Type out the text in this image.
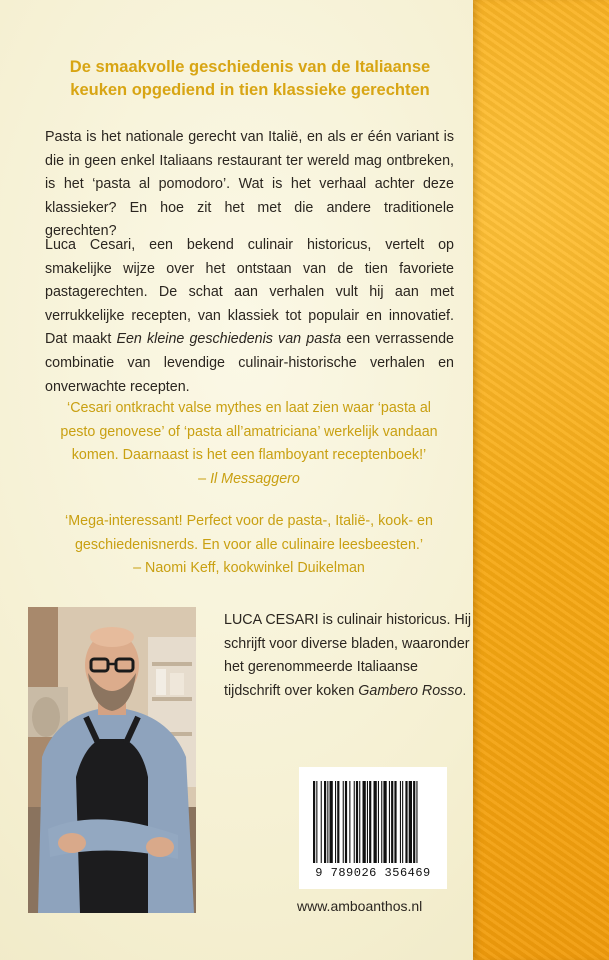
De smaakvolle geschiedenis van de Italiaanse
keuken opgediend in tien klassieke gerechten

Pasta is het nationale gerecht van Italië, en als er één variant is die in geen enkel Italiaans restaurant ter wereld mag ontbreken, is het ‘pasta al pomodoro’. Wat is het verhaal achter deze klassieker? En hoe zit het met die andere traditionele gerechten?

Luca Cesari, een bekend culinair historicus, vertelt op smakelijke wijze over het ontstaan van de tien favoriete pastagerechten. De schat aan verhalen vult hij aan met verrukkelijke recepten, van klassiek tot populair en innovatief. Dat maakt Een kleine geschiedenis van pasta een verrassende combinatie van levendige culinair-historische verhalen en onverwachte recepten.

‘Cesari ontkracht valse mythes en laat zien waar ‘pasta al
pesto genovese’ of ‘pasta all’amatriciana’ werkelijk vandaan
komen. Daarnaast is het een flamboyant receptenboek!’
– Il Messaggero

‘Mega-interessant! Perfect voor de pasta-, Italië-, kook- en
geschiedenisnerds. En voor alle culinaire leesbeesten.’
– Naomi Keff, kookwinkel Duikelman

LUCA CESARI is culinair historicus. Hij schrijft voor diverse bladen, waaronder het gerenommeerde Italiaanse tijdschrift over koken Gambero Rosso.

9 789026 356469
www.amboanthos.nl
